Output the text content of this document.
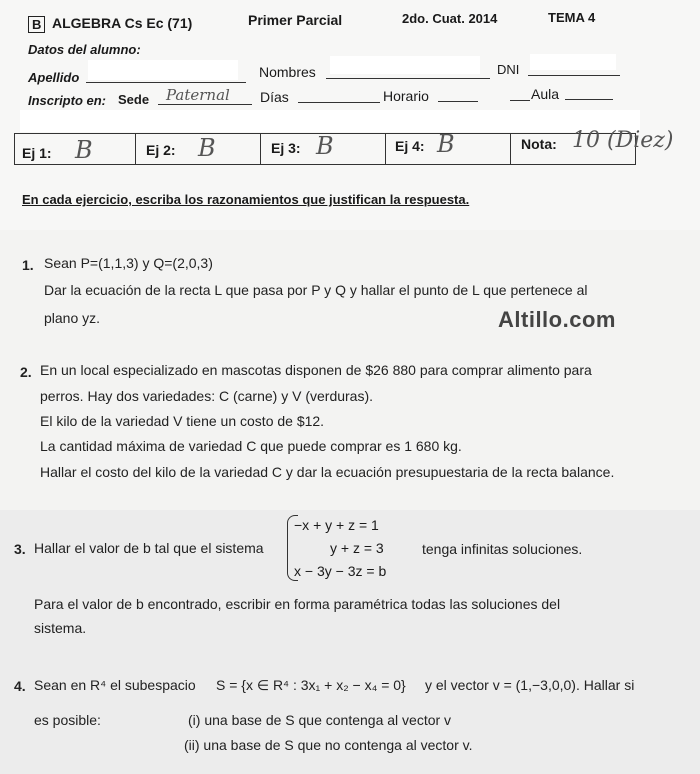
B ALGEBRA Cs Ec (71)	Primer Parcial	2do. Cuat. 2014	TEMA 4
Datos del alumno:
Apellido	Nombres	DNI
Inscripto en: Sede Paternal Días	Horario	Aula
Ej 1: B	Ej 2: B	Ej 3: B	Ej 4: B	Nota: 10 (Diez)
En cada ejercicio, escriba los razonamientos que justifican la respuesta.
1. Sean P=(1,1,3) y Q=(2,0,3)
Dar la ecuación de la recta L que pasa por P y Q y hallar el punto de L que pertenece al
plano yz.	Altillo.com
2. En un local especializado en mascotas disponen de $26 880 para comprar alimento para
perros. Hay dos variedades: C (carne) y V (verduras).
El kilo de la variedad V tiene un costo de $12.
La cantidad máxima de variedad C que puede comprar es 1 680 kg.
Hallar el costo del kilo de la variedad C y dar la ecuación presupuestaria de la recta balance.
3. Hallar el valor de b tal que el sistema
−x + y + z = 1
y + z = 3
x − 3y − 3z = b
tenga infinitas soluciones.
Para el valor de b encontrado, escribir en forma paramétrica todas las soluciones del
sistema.
4. Sean en R⁴ el subespacio S = {x ∈ R⁴ : 3x₁ + x₂ − x₄ = 0} y el vector v = (1,−3,0,0). Hallar si
es posible:	(i) una base de S que contenga al vector v
(ii) una base de S que no contenga al vector v.
